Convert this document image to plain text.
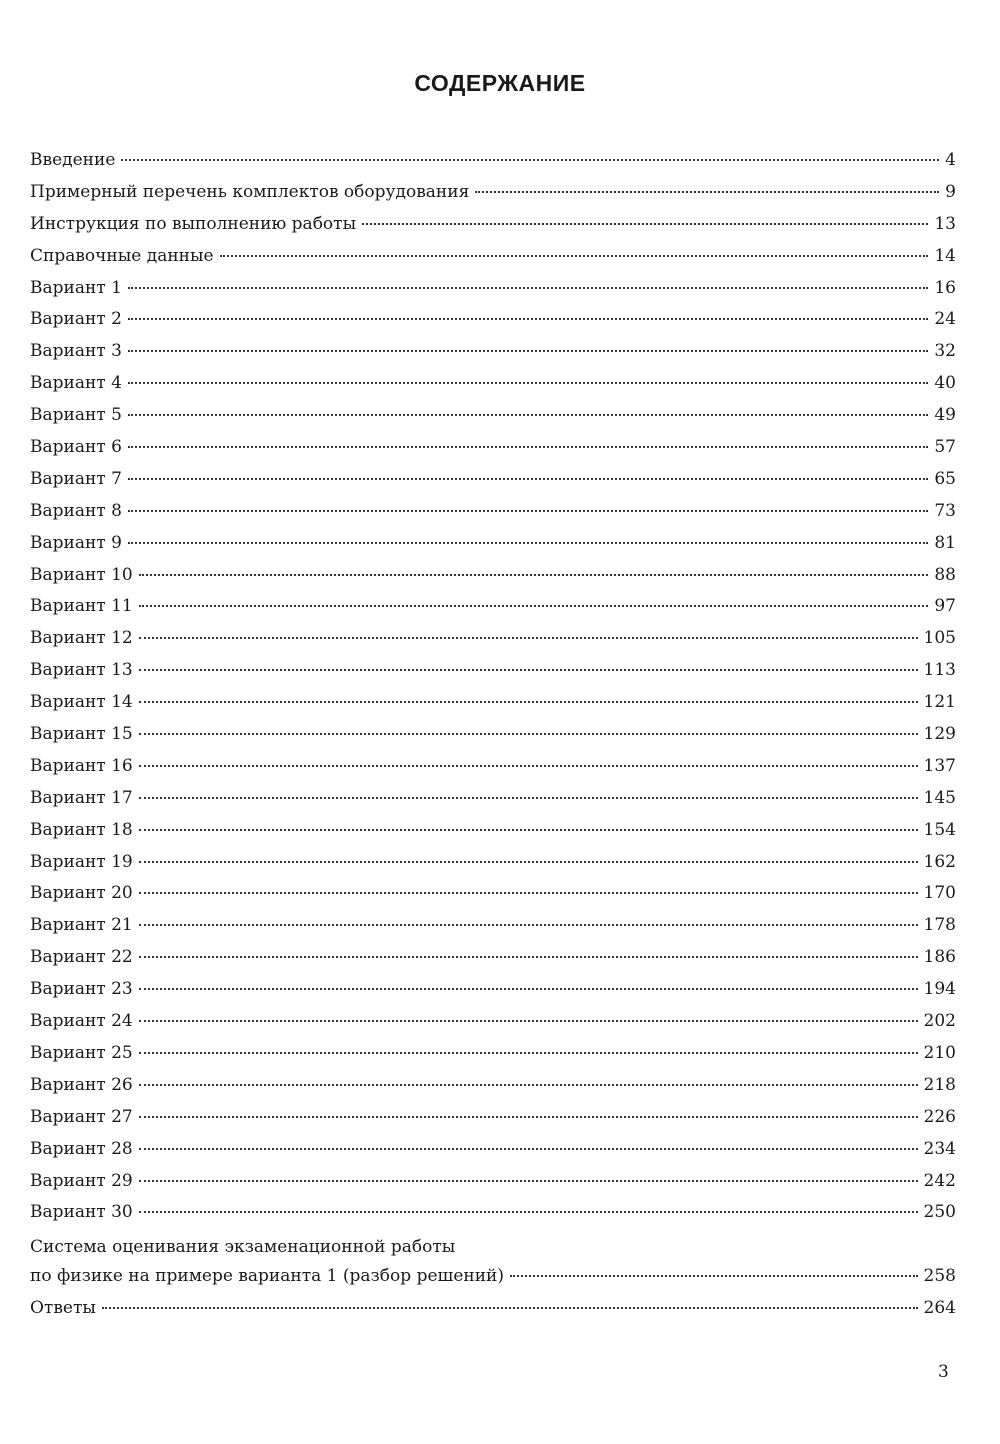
СОДЕРЖАНИЕ
Введение	4
Примерный перечень комплектов оборудования	9
Инструкция по выполнению работы	13
Справочные данные	14
Вариант 1	16
Вариант 2	24
Вариант 3	32
Вариант 4	40
Вариант 5	49
Вариант 6	57
Вариант 7	65
Вариант 8	73
Вариант 9	81
Вариант 10	88
Вариант 11	97
Вариант 12	105
Вариант 13	113
Вариант 14	121
Вариант 15	129
Вариант 16	137
Вариант 17	145
Вариант 18	154
Вариант 19	162
Вариант 20	170
Вариант 21	178
Вариант 22	186
Вариант 23	194
Вариант 24	202
Вариант 25	210
Вариант 26	218
Вариант 27	226
Вариант 28	234
Вариант 29	242
Вариант 30	250
Система оценивания экзаменационной работы
по физике на примере варианта 1 (разбор решений)	258
Ответы	264
3
